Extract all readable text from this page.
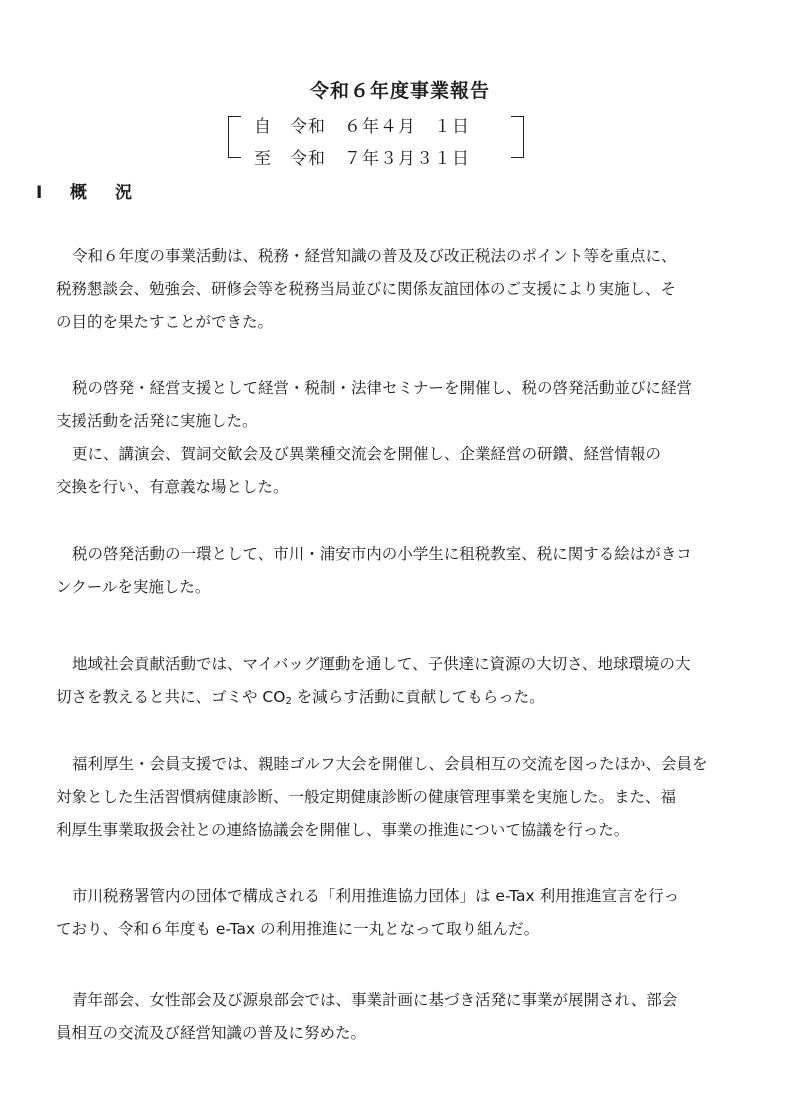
令和６年度事業報告
自　令和　６年４月　１日
至　令和　７年３月３１日
Ⅰ 概況

令和６年度の事業活動は、税務・経営知識の普及及び改正税法のポイント等を重点に、
税務懇談会、勉強会、研修会等を税務当局並びに関係友誼団体のご支援により実施し、そ
の目的を果たすことができた。

税の啓発・経営支援として経営・税制・法律セミナーを開催し、税の啓発活動並びに経営
支援活動を活発に実施した。
更に、講演会、賀詞交歓会及び異業種交流会を開催し、企業経営の研鑽、経営情報の
交換を行い、有意義な場とした。

税の啓発活動の一環として、市川・浦安市内の小学生に租税教室、税に関する絵はがきコ
ンクールを実施した。

地域社会貢献活動では、マイバッグ運動を通して、子供達に資源の大切さ、地球環境の大
切さを教えると共に、ゴミや $CO_2$ を減らす活動に貢献してもらった。

福利厚生・会員支援では、親睦ゴルフ大会を開催し、会員相互の交流を図ったほか、会員を
対象とした生活習慣病健康診断、一般定期健康診断の健康管理事業を実施した。また、福
利厚生事業取扱会社との連絡協議会を開催し、事業の推進について協議を行った。

市川税務署管内の団体で構成される「利用推進協力団体」は e-Tax 利用推進宣言を行っ
ており、令和６年度も e-Tax の利用推進に一丸となって取り組んだ。

青年部会、女性部会及び源泉部会では、事業計画に基づき活発に事業が展開され、部会
員相互の交流及び経営知識の普及に努めた。
